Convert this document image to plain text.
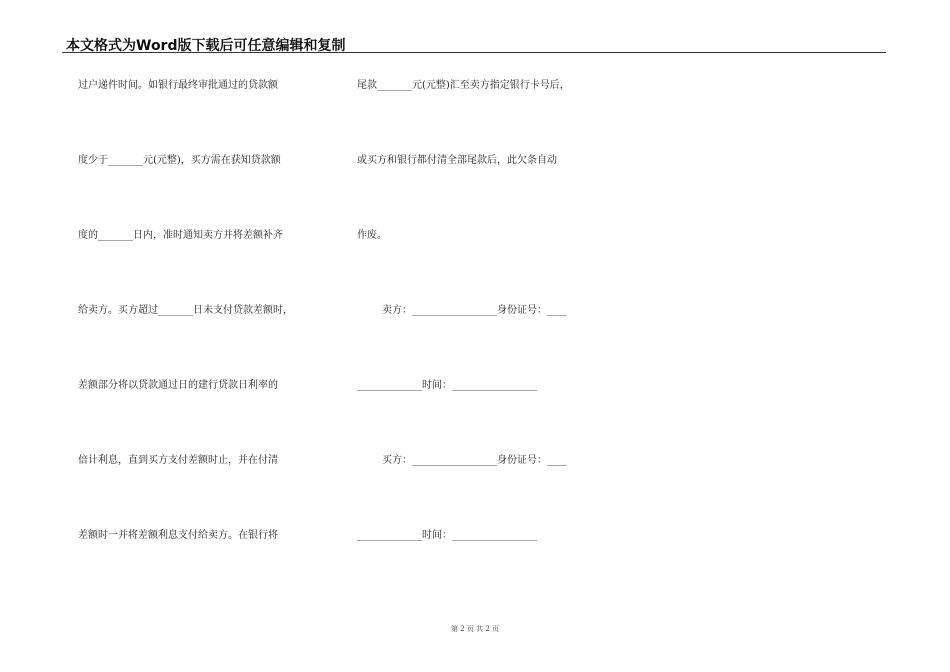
本文格式为Word版下载后可任意编辑和复制
过户递件时间。如银行最终审批通过的贷款额
度少于_______元(元整)，买方需在获知贷款额
度的_______日内，准时通知卖方并将差额补齐
给卖方。买方超过_______日未支付贷款差额时，
差额部分将以贷款通过日的建行贷款日利率的
倍计利息，直到买方支付差额时止，并在付清
差额时一并将差额利息支付给卖方。在银行将
尾款_______元(元整)汇至卖方指定银行卡号后，
或买方和银行都付清全部尾款后，此欠条自动
作废。
卖方：_________________身份证号：____
_____________时间：_________________
买方：_________________身份证号：____
_____________时间：_________________
第 2 页 共 2 页
